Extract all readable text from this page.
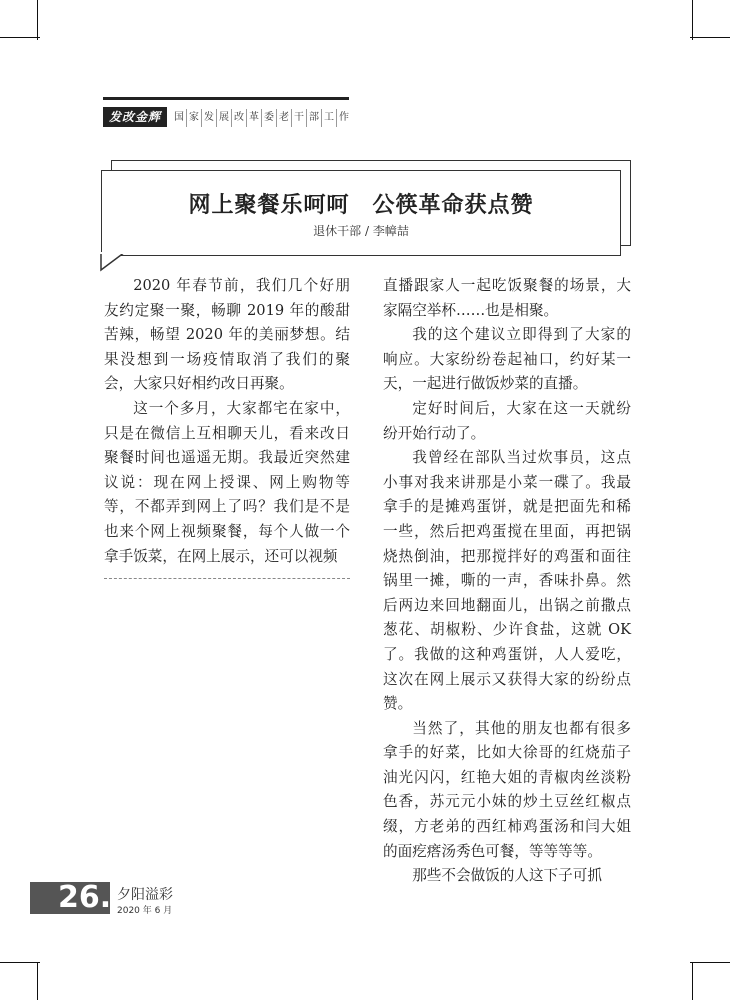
发改金辉	国 家 发 展 改 革 委 老 干 部 工 作
网上聚餐乐呵呵　公筷革命获点赞
退休干部 / 李幛喆

2020 年春节前，我们几个好朋友约定聚一聚，畅聊 2019 年的酸甜苦辣，畅望 2020 年的美丽梦想。结果没想到一场疫情取消了我们的聚会，大家只好相约改日再聚。

这一个多月，大家都宅在家中，只是在微信上互相聊天儿，看来改日聚餐时间也遥遥无期。我最近突然建议说：现在网上授课、网上购物等等，不都弄到网上了吗？我们是不是也来个网上视频聚餐，每个人做一个拿手饭菜，在网上展示，还可以视频

直播跟家人一起吃饭聚餐的场景，大家隔空举杯……也是相聚。

我的这个建议立即得到了大家的响应。大家纷纷卷起袖口，约好某一天，一起进行做饭炒菜的直播。

定好时间后，大家在这一天就纷纷开始行动了。

我曾经在部队当过炊事员，这点小事对我来讲那是小菜一碟了。我最拿手的是摊鸡蛋饼，就是把面先和稀一些，然后把鸡蛋搅在里面，再把锅烧热倒油，把那搅拌好的鸡蛋和面往锅里一摊，嘶的一声，香味扑鼻。然后两边来回地翻面儿，出锅之前撒点葱花、胡椒粉、少许食盐，这就 OK 了。我做的这种鸡蛋饼，人人爱吃，这次在网上展示又获得大家的纷纷点赞。

当然了，其他的朋友也都有很多拿手的好菜，比如大徐哥的红烧茄子油光闪闪，红艳大姐的青椒肉丝淡粉色香，苏元元小妹的炒土豆丝红椒点缀，方老弟的西红柿鸡蛋汤和闫大姐的面疙瘩汤秀色可餐，等等等等。

那些不会做饭的人这下子可抓

26. 夕阳溢彩
2020 年 6 月
